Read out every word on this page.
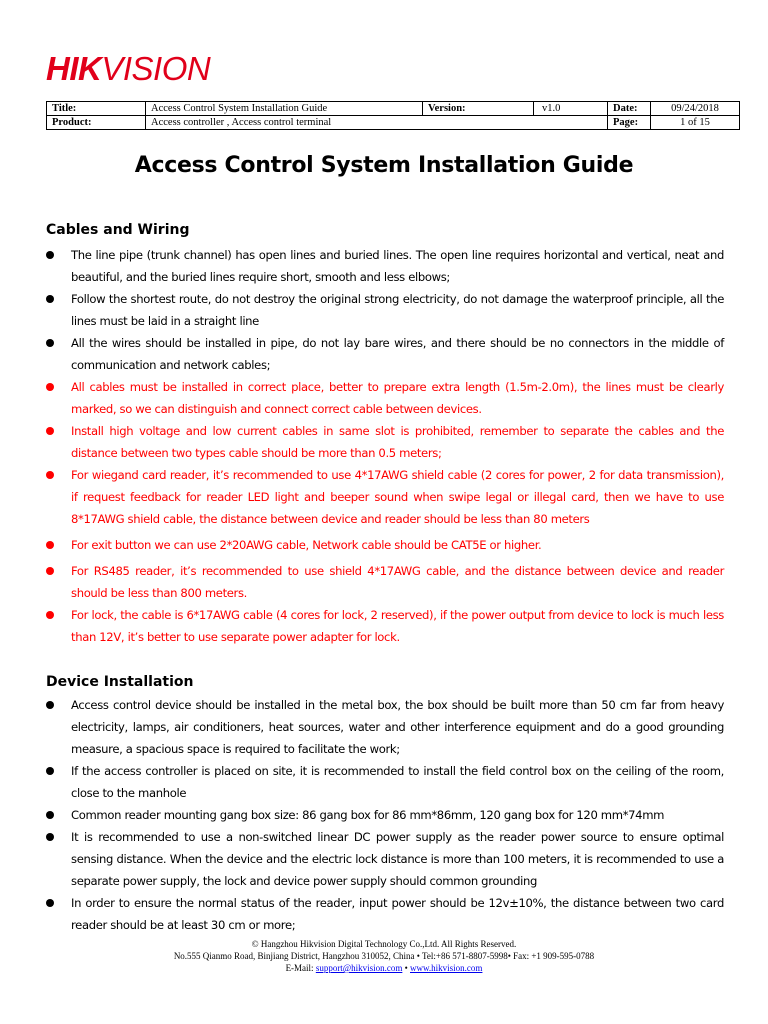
HIKVISION
Title:	Access Control System Installation Guide	Version:	v1.0	Date:	09/24/2018
Product:	Access controller , Access control terminal			Page:	1 of 15
Access Control System Installation Guide
Cables and Wiring
The line pipe (trunk channel) has open lines and buried lines. The open line requires horizontal and vertical, neat and beautiful, and the buried lines require short, smooth and less elbows;
Follow the shortest route, do not destroy the original strong electricity, do not damage the waterproof principle, all the lines must be laid in a straight line
All the wires should be installed in pipe, do not lay bare wires, and there should be no connectors in the middle of communication and network cables;
All cables must be installed in correct place, better to prepare extra length (1.5m-2.0m), the lines must be clearly marked, so we can distinguish and connect correct cable between devices.
Install high voltage and low current cables in same slot is prohibited, remember to separate the cables and the distance between two types cable should be more than 0.5 meters;
For wiegand card reader, it’s recommended to use 4*17AWG shield cable (2 cores for power, 2 for data transmission), if request feedback for reader LED light and beeper sound when swipe legal or illegal card, then we have to use 8*17AWG shield cable, the distance between device and reader should be less than 80 meters
For exit button we can use 2*20AWG cable, Network cable should be CAT5E or higher.
For RS485 reader, it’s recommended to use shield 4*17AWG cable, and the distance between device and reader should be less than 800 meters.
For lock, the cable is 6*17AWG cable (4 cores for lock, 2 reserved), if the power output from device to lock is much less than 12V, it’s better to use separate power adapter for lock.
Device Installation
Access control device should be installed in the metal box, the box should be built more than 50 cm far from heavy electricity, lamps, air conditioners, heat sources, water and other interference equipment and do a good grounding measure, a spacious space is required to facilitate the work;
If the access controller is placed on site, it is recommended to install the field control box on the ceiling of the room, close to the manhole
Common reader mounting gang box size: 86 gang box for 86 mm*86mm, 120 gang box for 120 mm*74mm
It is recommended to use a non-switched linear DC power supply as the reader power source to ensure optimal sensing distance. When the device and the electric lock distance is more than 100 meters, it is recommended to use a separate power supply, the lock and device power supply should common grounding
In order to ensure the normal status of the reader, input power should be 12v±10%, the distance between two card reader should be at least 30 cm or more;
© Hangzhou Hikvision Digital Technology Co.,Ltd. All Rights Reserved.
No.555 Qianmo Road, Binjiang District, Hangzhou 310052, China • Tel:+86 571-8807-5998• Fax: +1 909-595-0788
E-Mail: support@hikvision.com • www.hikvision.com
